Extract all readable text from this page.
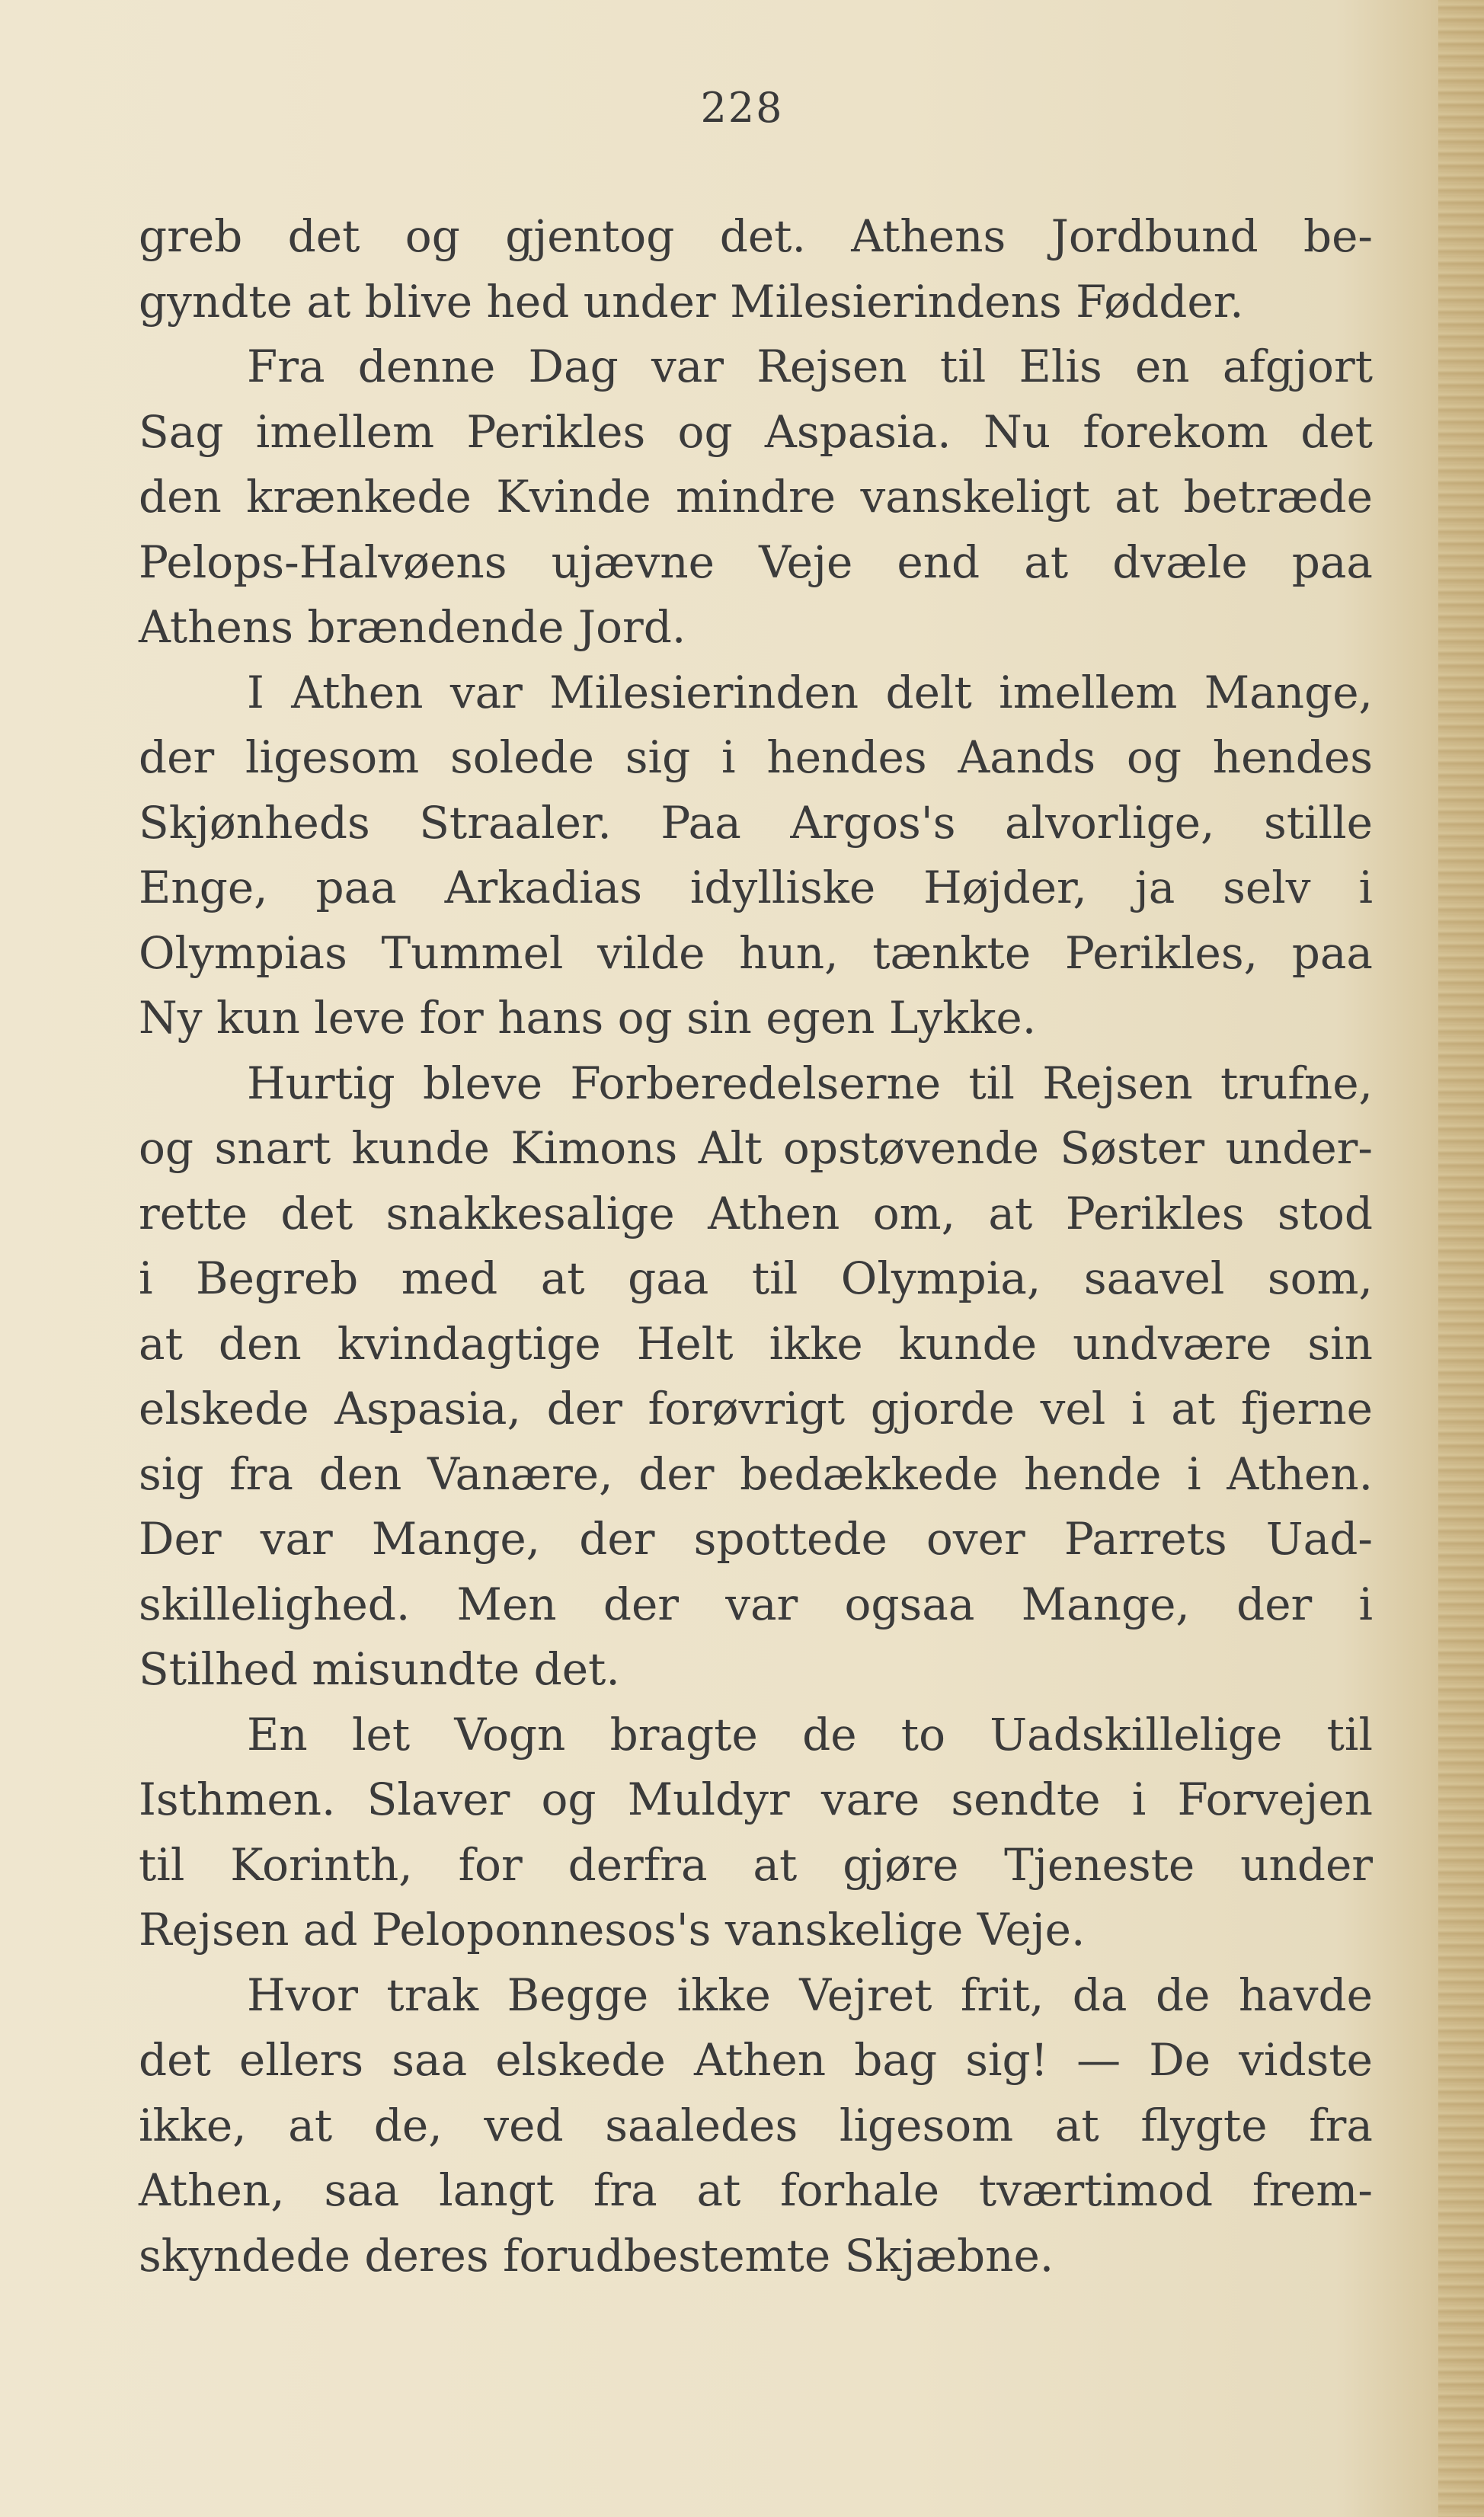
228
greb det og gjentog det. Athens Jordbund be-
gyndte at blive hed under Milesierindens Fødder.
Fra denne Dag var Rejsen til Elis en afgjort
Sag imellem Perikles og Aspasia. Nu forekom det
den krænkede Kvinde mindre vanskeligt at betræde
Pelops-Halvøens ujævne Veje end at dvæle paa
Athens brændende Jord.
I Athen var Milesierinden delt imellem Mange,
der ligesom solede sig i hendes Aands og hendes
Skjønheds Straaler. Paa Argos's alvorlige, stille
Enge, paa Arkadias idylliske Højder, ja selv i
Olympias Tummel vilde hun, tænkte Perikles, paa
Ny kun leve for hans og sin egen Lykke.
Hurtig bleve Forberedelserne til Rejsen trufne,
og snart kunde Kimons Alt opstøvende Søster under-
rette det snakkesalige Athen om, at Perikles stod
i Begreb med at gaa til Olympia, saavel som,
at den kvindagtige Helt ikke kunde undvære sin
elskede Aspasia, der forøvrigt gjorde vel i at fjerne
sig fra den Vanære, der bedækkede hende i Athen.
Der var Mange, der spottede over Parrets Uad-
skillelighed. Men der var ogsaa Mange, der i
Stilhed misundte det.
En let Vogn bragte de to Uadskillelige til
Isthmen. Slaver og Muldyr vare sendte i Forvejen
til Korinth, for derfra at gjøre Tjeneste under
Rejsen ad Peloponnesos's vanskelige Veje.
Hvor trak Begge ikke Vejret frit, da de havde
det ellers saa elskede Athen bag sig! — De vidste
ikke, at de, ved saaledes ligesom at flygte fra
Athen, saa langt fra at forhale tværtimod frem-
skyndede deres forudbestemte Skjæbne.
